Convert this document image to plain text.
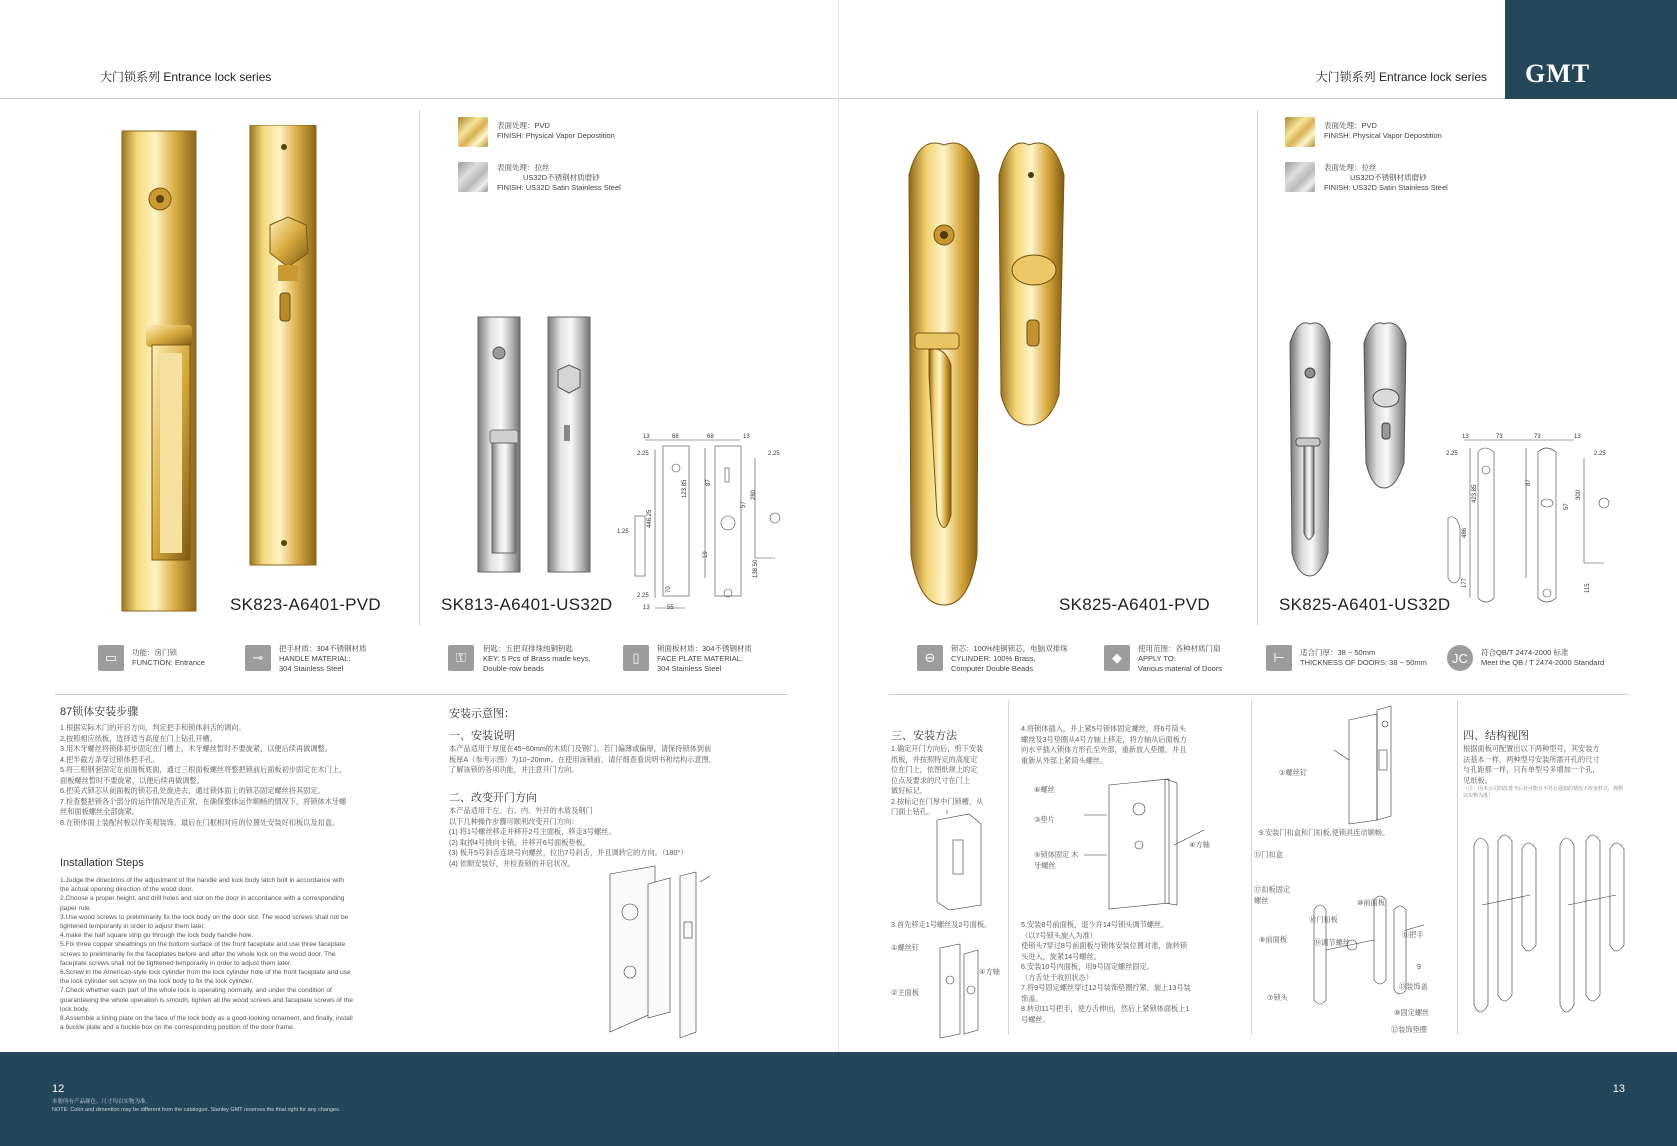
大门锁系列 Entrance lock series
SK823-A6401-PVD
表面处理：PVD
FINISH: Physical Vapor Depostition
表面处理：拉丝
US32D不锈钢材质磨砂
FINISH: US32D Satin Stainless Steel
13	68	68	13
2.25	2.25
1.25
446.25
123.85	87
57
280
138.50
70
2.25
19
55
13
SK813-A6401-US32D
▭	功能：房门锁
FUNCTION: Entrance	⊸
把手材质：304不锈钢材质
HANDLE MATERIAL:
304 Stainless Steel
⚿
钥匙：五把双排珠纯铜钥匙
KEY: 5 Pcs of Brass made keys,
Double-row beads
▯
锁面板材质：304不锈钢材质
FACE PLATE MATERIAL:
304 Stainless Steel
87锁体安装步骤
1.根据实际木门的开启方向，判定把手和锁体斜舌的调向。
2.按照相应纸板，选择适当高度在门上钻孔开槽。
3.用木牙螺丝将锁体初步固定在门槽上，木牙螺丝暂时不要旋紧，以便后续再做调整。
4.把半截方条穿过锁体把手孔。
5.将三根钢套固定在前面板底面，通过三根面板螺丝将整把锁前后面板初步固定在木门上，
面板螺丝暂时不要旋紧，以便后续再做调整。
6.把美式锁芯从前面板的锁芯孔处旋进去，通过锁体面上的锁芯固定螺丝将其固定。
7.检查整把锁各个部分的运作情况是否正常，在确保整体运作顺畅的情况下，将锁体木牙螺
丝和面板螺丝全部旋紧。
8.在锁体面上装配衬板以作美观装饰，最后在门框相对应的位置处安装好扣板以及扣盒。
Installation Steps
1.Judge the directions of the adjustment of the handle and lock body latch bolt in accordance with
the actual opening direction of the wood door.
2.Choose a proper height, and drill holes and slot on the door in accordance with a corresponding
paper rule.
3.Use wood screws to preliminarily fix the lock body on the door slot. The wood screws shall not be
tightened temporarily in order to adjust them later.
4.make the half square strip go through the lock body handle hole.
5.Fix three copper sheathings on the bottom surface of the front faceplate and use three faceplate
screws to preliminarily fix the faceplates before and after the whole lock on the wood door. The
faceplate screws shall not be tightened temporarily in order to adjust them later.
6.Screw in the American-style lock cylinder from the lock cylinder hole of the front faceplate and use
the lock cylinder set screw on the lock body to fix the lock cylinder.
7.Check whether each part of the whole lock is operating normally, and under the condition of
guaranteeing the whole operation is smooth, tighten all the wood screws and faceplate screws of the
lock body.
8.Assemble a lining plate on the face of the lock body as a good-looking ornament, and finally, install
a buckle plate and a buckle box on the corresponding position of the door frame.
安装示意图：
一、安装说明
本产品适用于厚度在45~60mm的木质门及钢门。若门偏薄或偏厚，请保持锁体到前
板厚A（参考示图）为10~20mm。在使用该锁前，请仔细查看说明书和结构示意图，
了解该锁的各项功能，并注意开门方向。
二、改变开门方向
本产品适用于左、右、内、外开的木质及钢门
以下几种操作步骤可顺利改变开门方向：
(1) 将1号螺丝移走并移开2号主面板，移走3号螺丝。
(2) 取掉4号挑向卡销，并移开6号面板垫板。
(3) 板开5号斜舌连块号向螺丝，拉出7号斜舌，并且调转它的方向。（180°）
(4) 依顺安装好，并检查锁的开启状况。
大门锁系列 Entrance lock series GMT
SK825-A6401-PVD
表面处理：PVD
FINISH: Physical Vapor Depostition
表面处理：拉丝
US32D不锈钢材质磨砂
FINISH: US32D Satin Stainless Steel
13	73	73	13
2.25	2.25
423.85
87
57
300
486
177
115
SK825-A6401-US32D
⊖
锁芯：100%纯铜锁芯，电脑双排珠
CYLINDER: 100% Brass,
Computer Double Beads
◆
使用范围：各种材质门扇
APPLY TO:
Various material of Doors
⊢	适合门厚：38 ~ 50mm
THICKNESS OF DOORS: 38 ~ 50mm	JC	符合QB/T 2474-2000 标准
Meet the QB / T 2474-2000 Standard
三、安装方法
1.确定开门方向后，剪下安装
纸板，并按照特定的高度定
位在门上，依图纸规上的定
位点及要求的尺寸在门上
做好标记。
2.按标记在门厚中门锁槽，从
门面上钻孔。
3.首先移走1号螺丝及2号面板。
①螺丝钉
②主面板
④方轴
4.将锁体插入，并上紧5号锁体固定螺丝，将6号筒头
螺丝及3号垫圈从4号方轴上移走，将方轴从后面板方
向水平插入锁体方形孔至外部，重新放入垫圈，并且
重新从外部上紧筒头螺丝。
⑥螺丝
③垫片
⑤锁体固定 木牙螺丝
④方轴
5.安装8号前面板，退少许14号锁头调节螺丝。
（以7号锁头旋入为准）
使锁头7穿过8号前面板与锁体安装位置对准，旋转锁
头进入，旋紧14号螺丝。
6.安装10号内面板，用9号固定螺丝固定。
（方舌处于收回状态）
7.将9号固定螺丝穿过12号装饰垫圈拧紧，旋上13号装
饰盖。
8.转动11号把手，使方舌伸出，然后上紧锁体面板上1
号螺丝。
①螺丝钉
9.安装门扣盒和门扣板,使锁具连动顺畅。
⑮门扣盒
⑰扣板固定 螺丝
⑯门扣板
⑩前面板
⑧前面板	⑭调节螺丝
⑪把手
⑦锁头
⑬装饰盖
⑨固定螺丝
⑫装饰垫圈
9
四、结构视图
根据面板可配置出以下两种型号，其安装方
法基本一样，两种型号安装所需开孔的尺寸
与孔距都一样，只有单型号多增加一个孔，
见纸板。
（注：因本公司的改善今后有可能在不另行通知的情况下改变样式，规格以实物为准）
12	13
本册所有产品颜色、尺寸均以实物为准。
NOTE: Color and dimention may be different from the catalogue. Stanley GMT reserves the final right for any changes.
